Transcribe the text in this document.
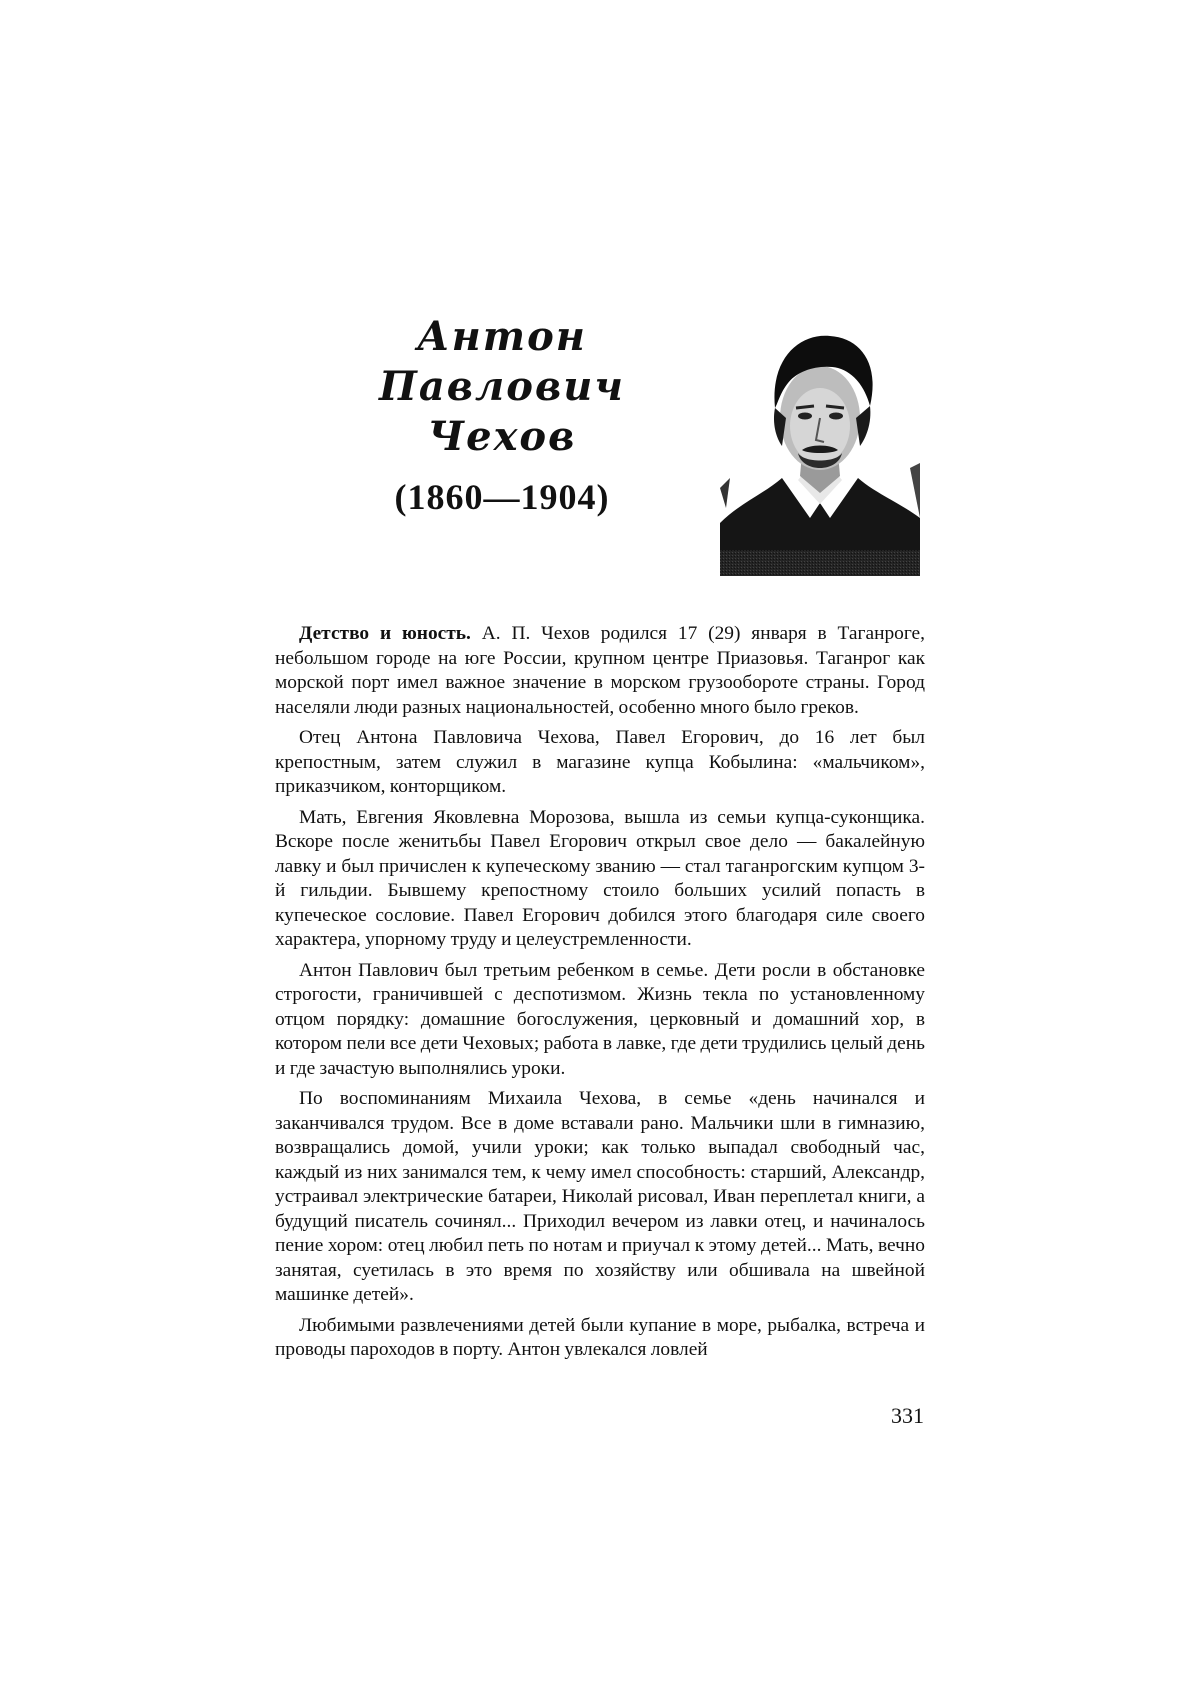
Антон
Павлович
Чехов
(1860—1904)

Детство и юность. А. П. Чехов родился 17 (29) января в Таганроге, небольшом городе на юге России, крупном центре Приазовья. Таганрог как морской порт имел важное значение в морском грузообороте страны. Город населяли люди разных национальностей, особенно много было греков.

Отец Антона Павловича Чехова, Павел Егорович, до 16 лет был крепостным, затем служил в магазине купца Кобылина: «мальчиком», приказчиком, конторщиком.

Мать, Евгения Яковлевна Морозова, вышла из семьи купца-суконщика. Вскоре после женитьбы Павел Егорович открыл свое дело — бакалейную лавку и был причислен к купеческому званию — стал таганрогским купцом 3-й гильдии. Бывшему крепостному стоило больших усилий попасть в купеческое сословие. Павел Егорович добился этого благодаря силе своего характера, упорному труду и целеустремленности.

Антон Павлович был третьим ребенком в семье. Дети росли в обстановке строгости, граничившей с деспотизмом. Жизнь текла по установленному отцом порядку: домашние богослужения, церковный и домашний хор, в котором пели все дети Чеховых; работа в лавке, где дети трудились целый день и где зачастую выполнялись уроки.

По воспоминаниям Михаила Чехова, в семье «день начинался и заканчивался трудом. Все в доме вставали рано. Мальчики шли в гимназию, возвращались домой, учили уроки; как только выпадал свободный час, каждый из них занимался тем, к чему имел способность: старший, Александр, устраивал электрические батареи, Николай рисовал, Иван переплетал книги, а будущий писатель сочинял... Приходил вечером из лавки отец, и начиналось пение хором: отец любил петь по нотам и приучал к этому детей... Мать, вечно занятая, суетилась в это время по хозяйству или обшивала на швейной машинке детей».

Любимыми развлечениями детей были купание в море, рыбалка, встреча и проводы пароходов в порту. Антон увлекался ловлей

331
